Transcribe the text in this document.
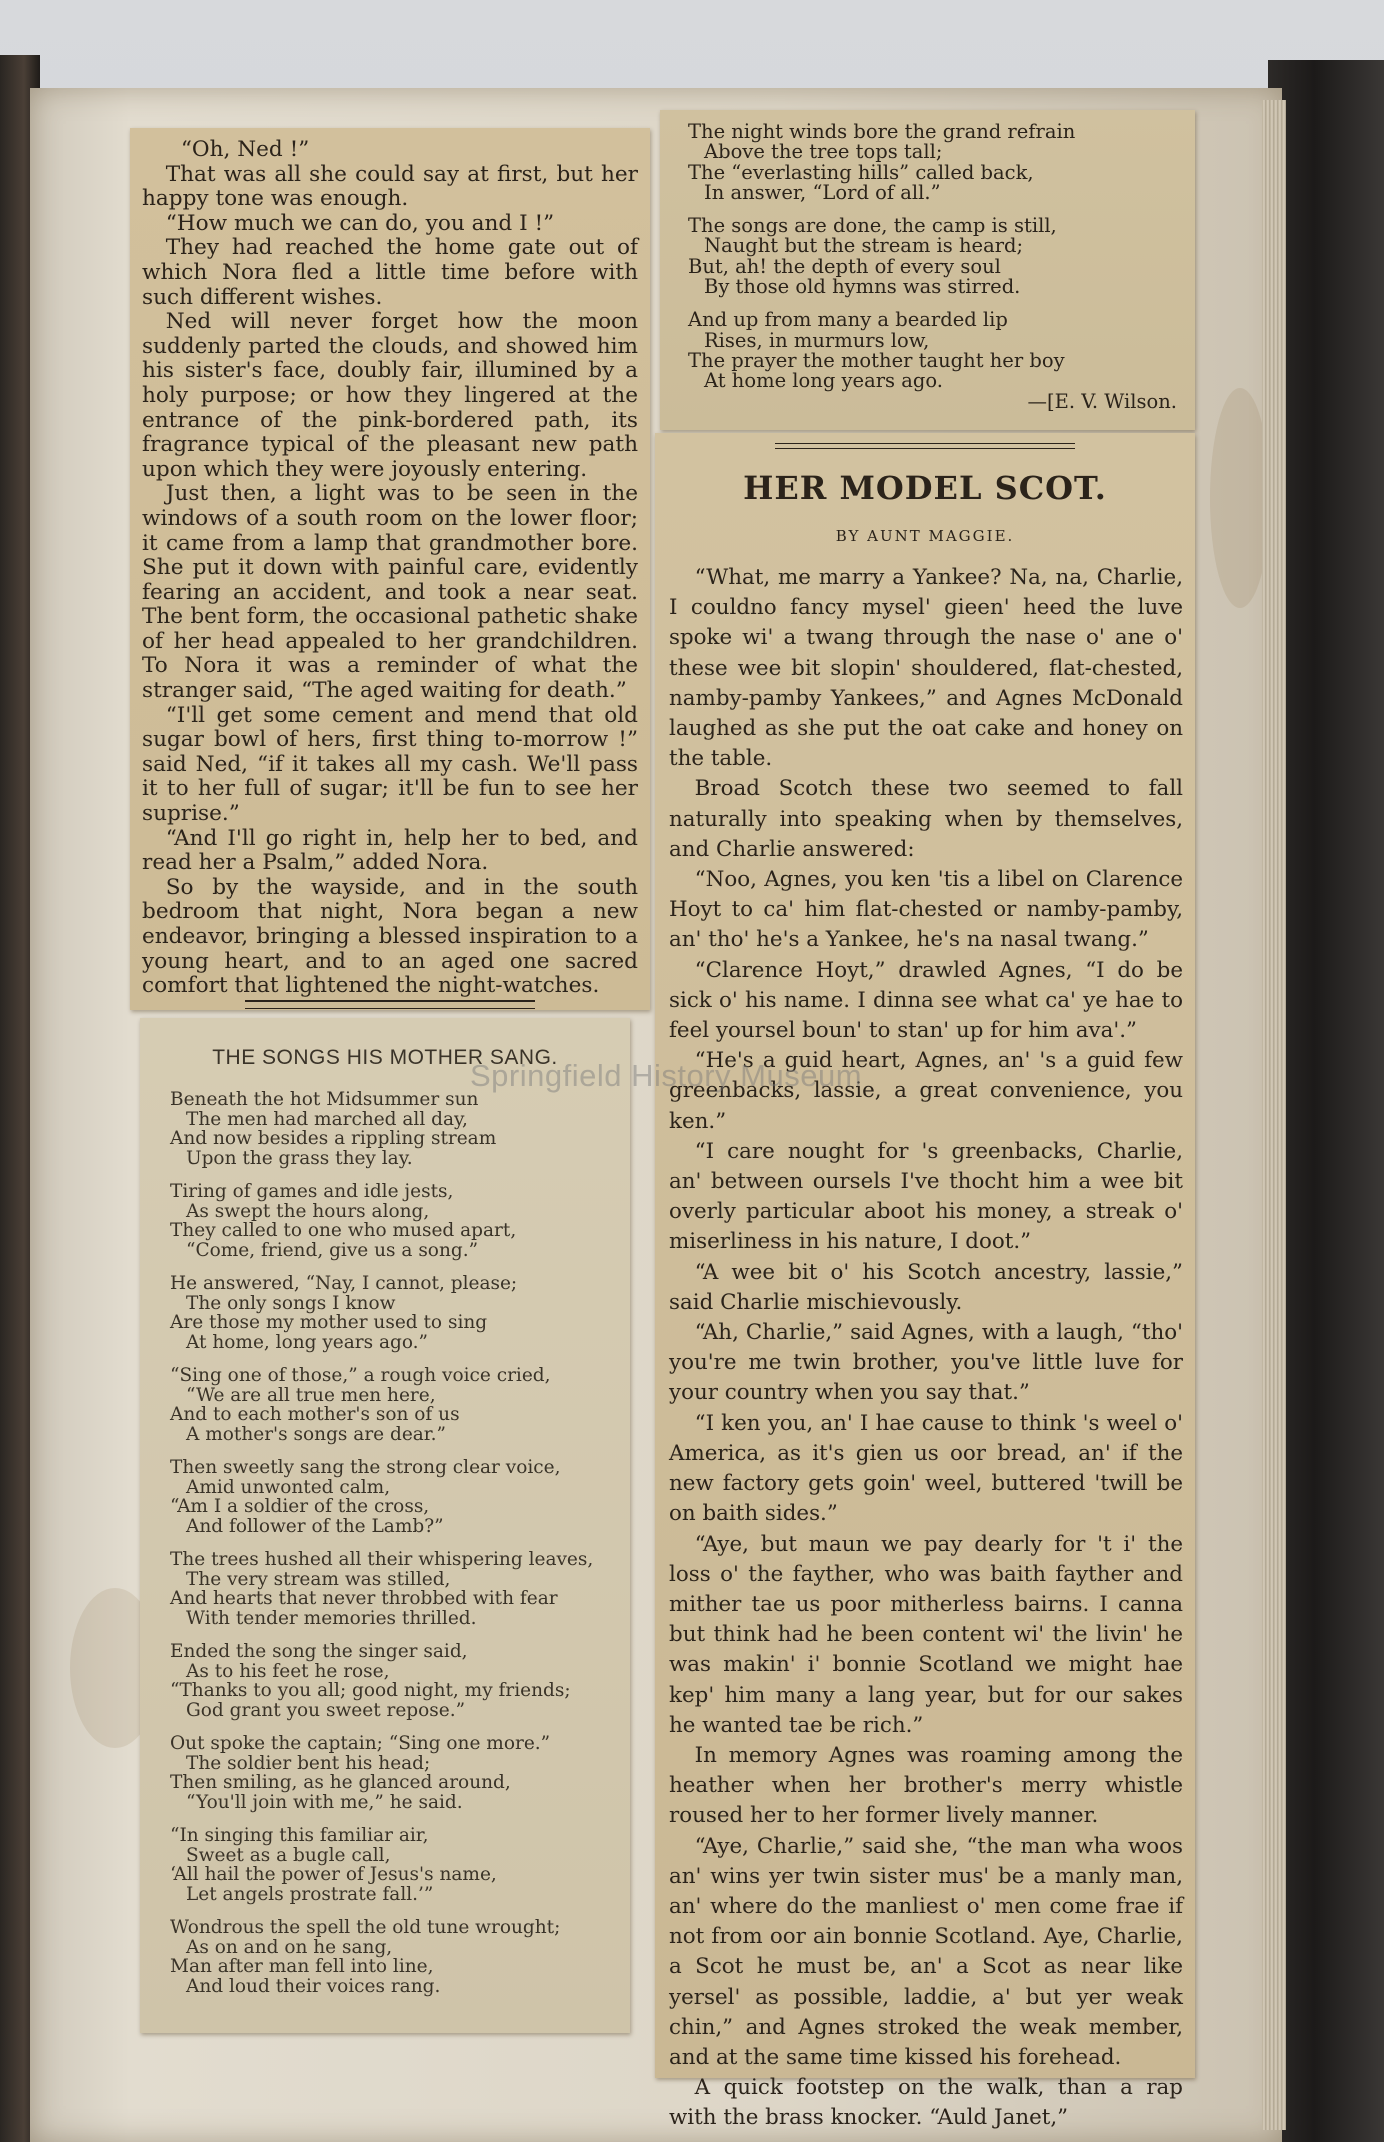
“Oh, Ned !”

That was all she could say at first, but her happy tone was enough.

“How much we can do, you and I !”

They had reached the home gate out of which Nora fled a little time before with such different wishes.

Ned will never forget how the moon suddenly parted the clouds, and showed him his sister's face, doubly fair, illumined by a holy purpose; or how they lingered at the entrance of the pink-bordered path, its fragrance typical of the pleasant new path upon which they were joyously entering.

Just then, a light was to be seen in the windows of a south room on the lower floor; it came from a lamp that grandmother bore. She put it down with painful care, evidently fearing an accident, and took a near seat. The bent form, the occasional pathetic shake of her head appealed to her grandchildren. To Nora it was a reminder of what the stranger said, “The aged waiting for death.”

“I'll get some cement and mend that old sugar bowl of hers, first thing to-morrow !” said Ned, “if it takes all my cash. We'll pass it to her full of sugar; it'll be fun to see her suprise.”

“And I'll go right in, help her to bed, and read her a Psalm,” added Nora.

So by the wayside, and in the south bedroom that night, Nora began a new endeavor, bringing a blessed inspiration to a young heart, and to an aged one sacred comfort that lightened the night-watches.

THE SONGS HIS MOTHER SANG.
Beneath the hot Midsummer sun
The men had marched all day,
And now besides a rippling stream
Upon the grass they lay.
Tiring of games and idle jests,
As swept the hours along,
They called to one who mused apart,
“Come, friend, give us a song.”
He answered, “Nay, I cannot, please;
The only songs I know
Are those my mother used to sing
At home, long years ago.”
“Sing one of those,” a rough voice cried,
“We are all true men here,
And to each mother's son of us
A mother's songs are dear.”
Then sweetly sang the strong clear voice,
Amid unwonted calm,
“Am I a soldier of the cross,
And follower of the Lamb?”
The trees hushed all their whispering leaves,
The very stream was stilled,
And hearts that never throbbed with fear
With tender memories thrilled.
Ended the song the singer said,
As to his feet he rose,
“Thanks to you all; good night, my friends;
God grant you sweet repose.”
Out spoke the captain; “Sing one more.”
The soldier bent his head;
Then smiling, as he glanced around,
“You'll join with me,” he said.
“In singing this familiar air,
Sweet as a bugle call,
‘All hail the power of Jesus's name,
Let angels prostrate fall.’”
Wondrous the spell the old tune wrought;
As on and on he sang,
Man after man fell into line,
And loud their voices rang.
The night winds bore the grand refrain
Above the tree tops tall;
The “everlasting hills” called back,
In answer, “Lord of all.”
The songs are done, the camp is still,
Naught but the stream is heard;
But, ah! the depth of every soul
By those old hymns was stirred.
And up from many a bearded lip
Rises, in murmurs low,
The prayer the mother taught her boy
At home long years ago.
—[E. V. Wilson.
HER MODEL SCOT.
BY AUNT MAGGIE.

“What, me marry a Yankee? Na, na, Charlie, I couldno fancy mysel' gieen' heed the luve spoke wi' a twang through the nase o' ane o' these wee bit slopin' shouldered, flat-chested, namby-pamby Yankees,” and Agnes McDonald laughed as she put the oat cake and honey on the table.

Broad Scotch these two seemed to fall naturally into speaking when by themselves, and Charlie answered:

“Noo, Agnes, you ken 'tis a libel on Clarence Hoyt to ca' him flat-chested or namby-pamby, an' tho' he's a Yankee, he's na nasal twang.”

“Clarence Hoyt,” drawled Agnes, “I do be sick o' his name. I dinna see what ca' ye hae to feel yoursel boun' to stan' up for him ava'.”

“He's a guid heart, Agnes, an' 's a guid few greenbacks, lassie, a great convenience, you ken.”

“I care nought for 's greenbacks, Charlie, an' between oursels I've thocht him a wee bit overly particular aboot his money, a streak o' miserliness in his nature, I doot.”

“A wee bit o' his Scotch ancestry, lassie,” said Charlie mischievously.

“Ah, Charlie,” said Agnes, with a laugh, “tho' you're me twin brother, you've little luve for your country when you say that.”

“I ken you, an' I hae cause to think 's weel o' America, as it's gien us oor bread, an' if the new factory gets goin' weel, buttered 'twill be on baith sides.”

“Aye, but maun we pay dearly for 't i' the loss o' the fayther, who was baith fayther and mither tae us poor mitherless bairns. I canna but think had he been content wi' the livin' he was makin' i' bonnie Scotland we might hae kep' him many a lang year, but for our sakes he wanted tae be rich.”

In memory Agnes was roaming among the heather when her brother's merry whistle roused her to her former lively manner.

“Aye, Charlie,” said she, “the man wha woos an' wins yer twin sister mus' be a manly man, an' where do the manliest o' men come frae if not from oor ain bonnie Scotland. Aye, Charlie, a Scot he must be, an' a Scot as near like yersel' as possible, laddie, a' but yer weak chin,” and Agnes stroked the weak member, and at the same time kissed his forehead.

A quick footstep on the walk, than a rap with the brass knocker. “Auld Janet,”

Springfield History Museum
